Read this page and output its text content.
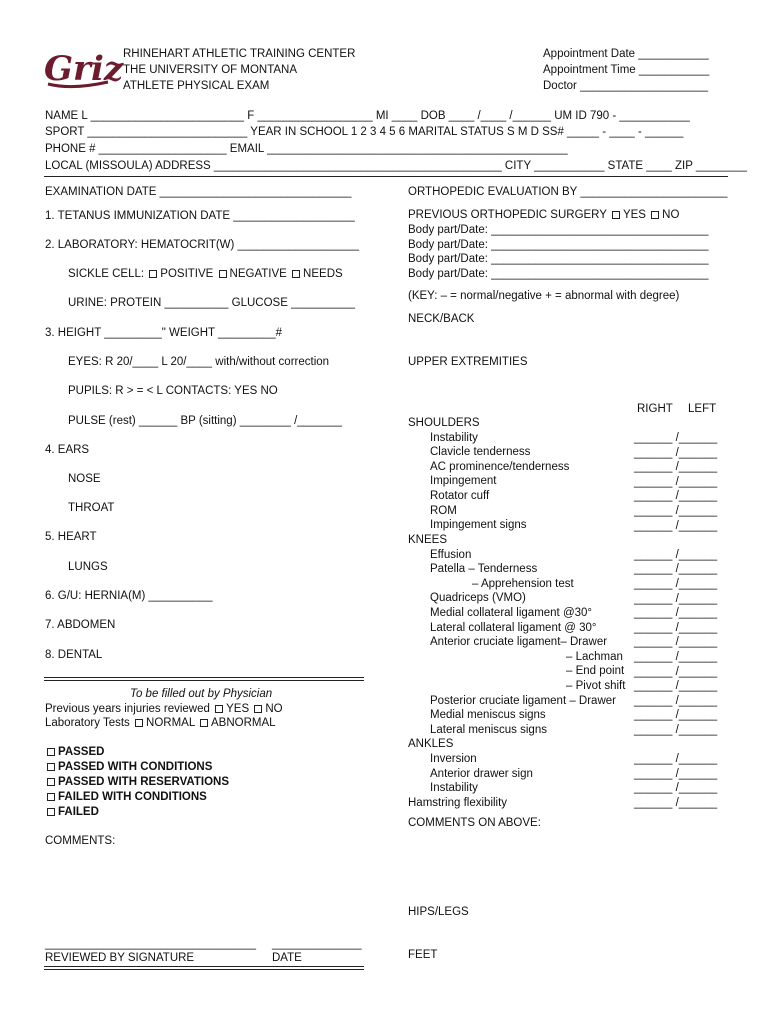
Griz RHINEHART ATHLETIC TRAINING CENTER
THE UNIVERSITY OF MONTANA
ATHLETE PHYSICAL EXAM
Appointment Date ___________
Appointment Time ___________
Doctor ____________________
NAME L ________________________ F __________________ MI ____ DOB ____ /____ /______ UM ID 790 - ___________
SPORT _________________________ YEAR IN SCHOOL 1 2 3 4 5 6 MARITAL STATUS S M D SS# _____ - ____ - ______
PHONE # ____________________ EMAIL _______________________________________________
LOCAL (MISSOULA) ADDRESS _____________________________________________ CITY ___________ STATE ____ ZIP ________
EXAMINATION DATE ______________________________
1. TETANUS IMMUNIZATION DATE ___________________
2. LABORATORY: HEMATOCRIT(W) ___________________
SICKLE CELL: POSITIVE NEGATIVE NEEDS
URINE: PROTEIN __________ GLUCOSE __________
3. HEIGHT _________" WEIGHT _________#
EYES: R 20/____ L 20/____ with/without correction
PUPILS: R > = < L CONTACTS: YES NO
PULSE (rest) ______ BP (sitting) ________ /_______
4. EARS
NOSE
THROAT
5. HEART
LUNGS
6. G/U: HERNIA(M) __________
7. ABDOMEN
8. DENTAL
To be filled out by Physician
Previous years injuries reviewed YES NO
Laboratory Tests NORMAL ABNORMAL
PASSED
PASSED WITH CONDITIONS
PASSED WITH RESERVATIONS
FAILED WITH CONDITIONS
FAILED
COMMENTS:
_________________________________ ______________
REVIEWED BY SIGNATURE	DATE
ORTHOPEDIC EVALUATION BY _______________________
PREVIOUS ORTHOPEDIC SURGERY YES NO
Body part/Date: __________________________________
Body part/Date: __________________________________
Body part/Date: __________________________________
Body part/Date: __________________________________
(KEY: – = normal/negative + = abnormal with degree)
NECK/BACK
UPPER EXTREMITIES
RIGHT LEFT
SHOULDERS
Instability
Clavicle tenderness
AC prominence/tenderness
Impingement
Rotator cuff
ROM
Impingement signs
KNEES
Effusion
Patella – Tenderness
– Apprehension test
Quadriceps (VMO)
Medial collateral ligament @30°
Lateral collateral ligament @ 30°
Anterior cruciate ligament– Drawer
– Lachman
– End point
– Pivot shift
Posterior cruciate ligament – Drawer
Medial meniscus signs
Lateral meniscus signs
ANKLES
Inversion
Anterior drawer sign
Instability
Hamstring flexibility
______ /______
______ /______
______ /______
______ /______
______ /______
______ /______
______ /______
______ /______
______ /______
______ /______
______ /______
______ /______
______ /______
______ /______
______ /______
______ /______
______ /______
______ /______
______ /______
______ /______
______ /______
______ /______
______ /______
______ /______
COMMENTS ON ABOVE:
HIPS/LEGS
FEET
